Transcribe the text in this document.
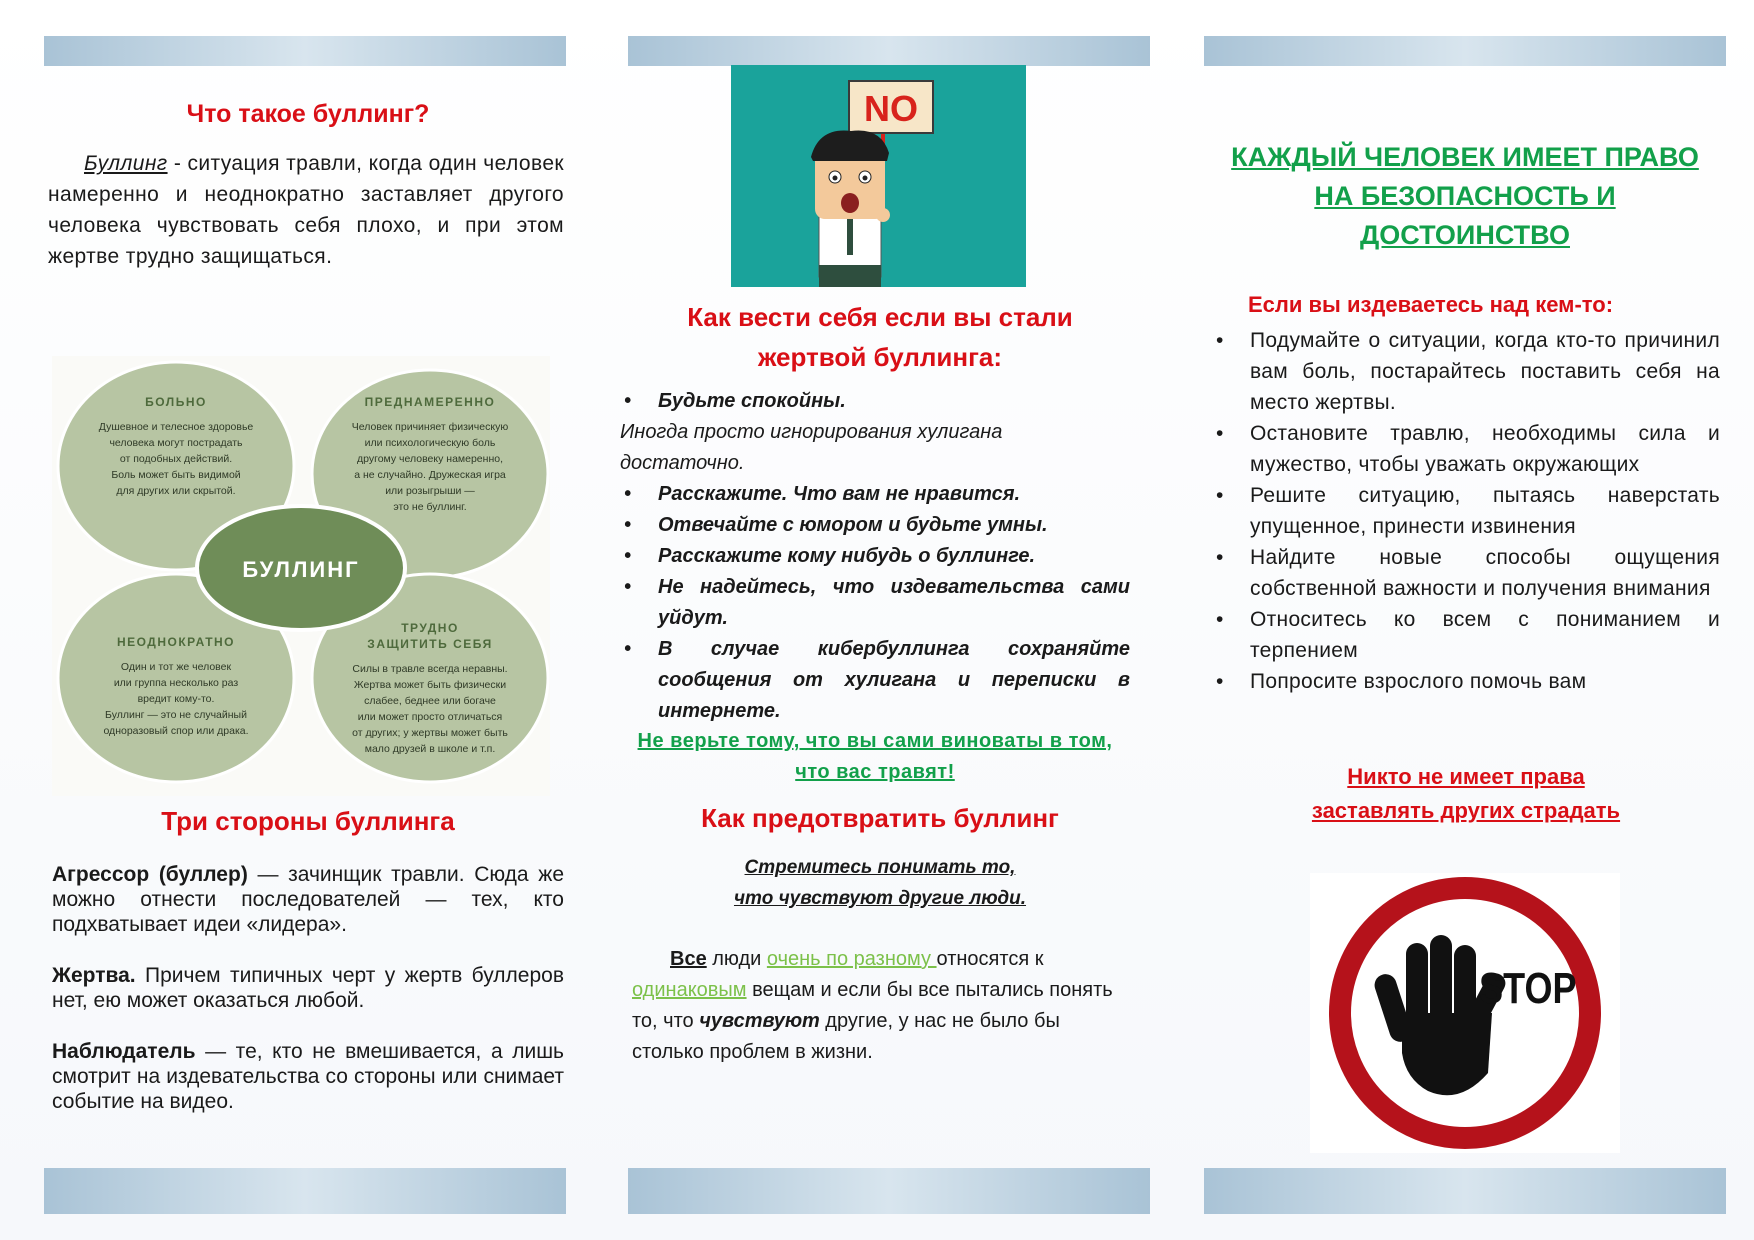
Что такое буллинг?

Буллинг - ситуация травли, когда один человек намеренно и неоднократно заставляет другого человека чувствовать себя плохо, и при этом жертве трудно защищаться.

БОЛЬНО	ПРЕДНАМЕРЕННО
НЕОДНОКРАТНО
ТРУДНО
ЗАЩИТИТЬ СЕБЯ
Душевное и телесное здоровье
человека могут пострадать
от подобных действий.
Боль может быть видимой
для других или скрытой.
Человек причиняет физическую
или психологическую боль
другому человеку намеренно,
а не случайно. Дружеская игра
или розыгрыши —
это не буллинг.
Один и тот же человек
или группа несколько раз
вредит кому-то.
Буллинг — это не случайный
одноразовый спор или драка.
Силы в травле всегда неравны.
Жертва может быть физически
слабее, беднее или богаче
или может просто отличаться
от других; у жертвы может быть
мало друзей в школе и т.п.
БУЛЛИНГ
Три стороны буллинга

Агрессор (буллер) — зачинщик травли. Сюда же можно отнести последователей — тех, кто подхватывает идеи «лидера».

Жертва. Причем типичных черт у жертв буллеров нет, ею может оказаться любой.

Наблюдатель — те, кто не вмешивается, а лишь смотрит на издевательства со стороны или снимает событие на видео.

NO
Как вести себя если вы стали жертвой буллинга:
• Будьте спокойны.
Иногда просто игнорирования хулигана достаточно.
• Расскажите. Что вам не нравится.
• Отвечайте с юмором и будьте умны.
• Расскажите кому нибудь о буллинге.
• Не надейтесь, что издевательства сами уйдут.
• В случае кибербуллинга сохраняйте сообщения от хулигана и переписки в интернете.

Не верьте тому, что вы сами виноваты в том, что вас травят!

Как предотвратить буллинг

Стремитесь понимать то,
что чувствуют другие люди.

Все люди очень по разному относятся к одинаковым вещам и если бы все пытались понять то, что чувствуют другие, у нас не было бы столько проблем в жизни.

КАЖДЫЙ ЧЕЛОВЕК ИМЕЕТ ПРАВО НА БЕЗОПАСНОСТЬ И ДОСТОИНСТВО
Если вы издеваетесь над кем-то:
• Подумайте о ситуации, когда кто-то причинил вам боль, постарайтесь поставить себя на место жертвы.
• Остановите травлю, необходимы сила и мужество, чтобы уважать окружающих
• Решите ситуацию, пытаясь наверстать упущенное, принести извинения
• Найдите новые способы ощущения собственной важности и получения внимания
• Относитесь ко всем с пониманием и терпением
• Попросите взрослого помочь вам

Никто не имеет права
заставлять других страдать

STOP
